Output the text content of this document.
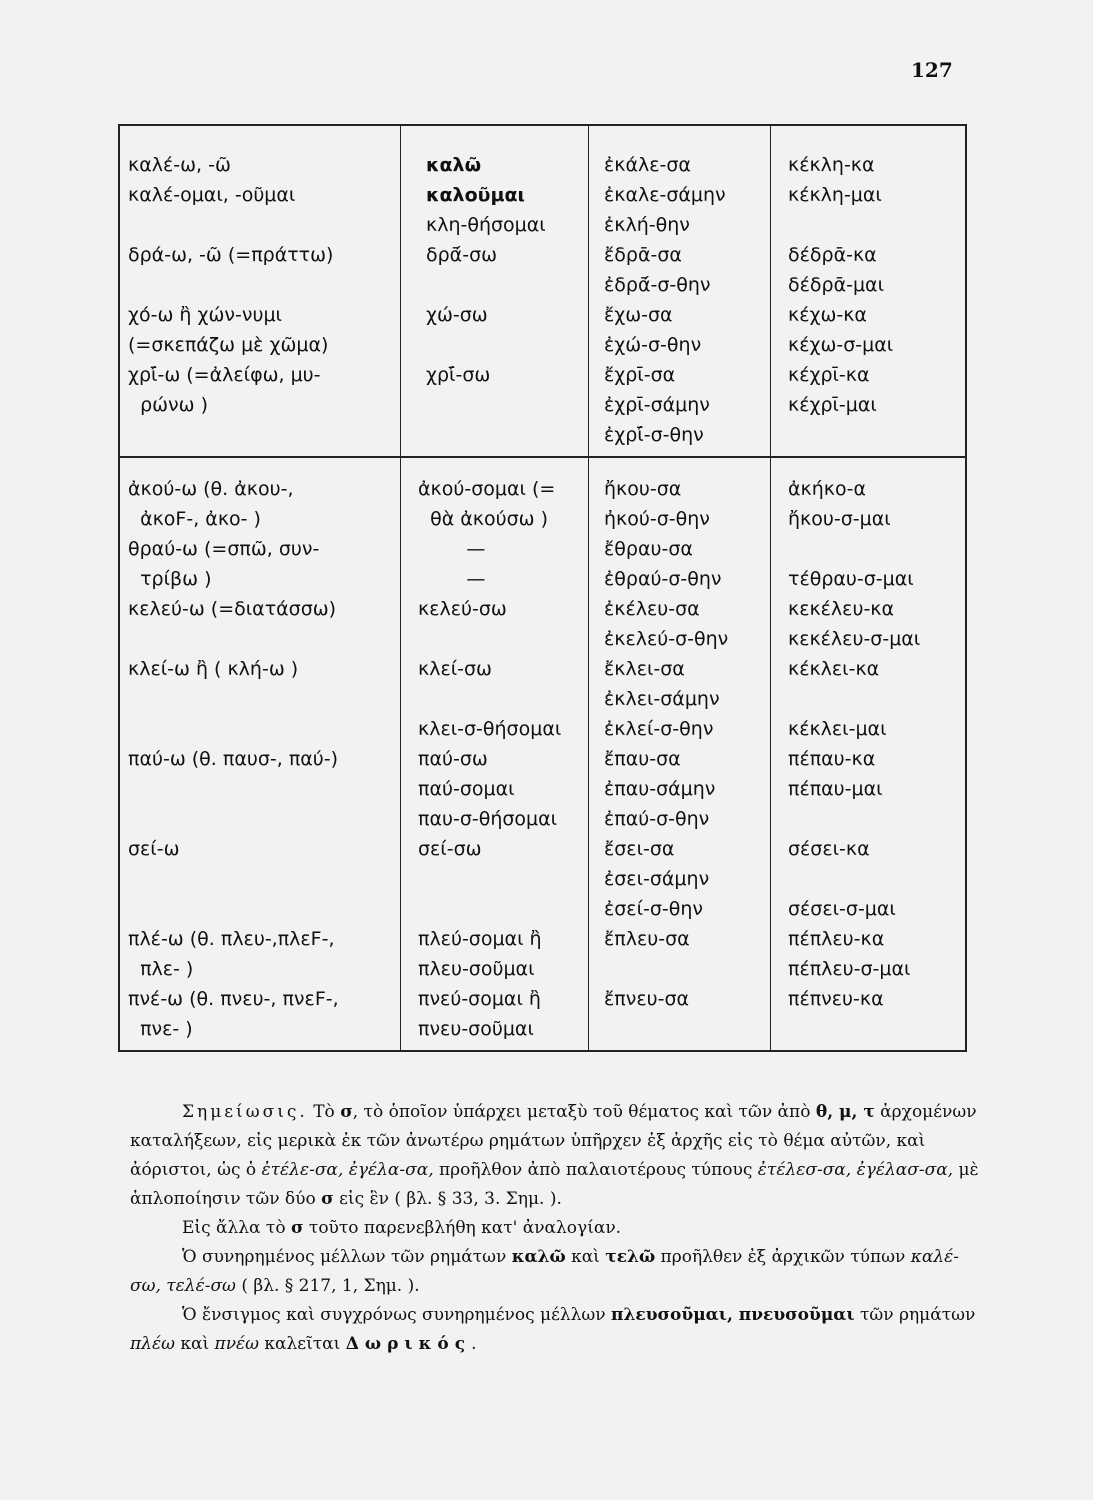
127
καλέ-ω, -ῶ
καλέ-ομαι, -οῦμαι

δρά-ω, -ῶ (=πράττω)

χό-ω ἢ χών-νυμι
(=σκεπάζω μὲ χῶμα)
χρῑ́-ω (=ἀλείφω, μυ-
ρώνω )
καλῶ
καλοῦμαι
κλη-θήσομαι
δρᾱ́-σω

χώ-σω

χρῑ́-σω
ἐκάλε-σα
ἐκαλε-σάμην
ἐκλή-θην
ἔδρᾱ-σα
ἐδρᾱ́-σ-θην
ἔχω-σα
ἐχώ-σ-θην
ἔχρῑ-σα
ἐχρῑ-σάμην
ἐχρῑ́-σ-θην
κέκλη-κα
κέκλη-μαι

δέδρᾱ-κα
δέδρᾱ-μαι
κέχω-κα
κέχω-σ-μαι
κέχρῑ-κα
κέχρῑ-μαι
ἀκού-ω (θ. ἀκου-,
ἀκοF-, ἀκο- )
θραύ-ω (=σπῶ, συν-
τρίβω )
κελεύ-ω (=διατάσσω)

κλεί-ω ἢ ( κλή-ω )

παύ-ω (θ. παυσ-, παύ-)

σεί-ω

πλέ-ω (θ. πλευ-,πλεF-,
πλε- )
πνέ-ω (θ. πνευ-, πνεF-,
πνε- )
ἀκού-σομαι (=
θὰ ἀκούσω )
—
—
κελεύ-σω

κλεί-σω

κλει-σ-θήσομαι
παύ-σω
παύ-σομαι
παυ-σ-θήσομαι
σεί-σω

πλεύ-σομαι ἢ
πλευ-σοῦμαι
πνεύ-σομαι ἢ
πνευ-σοῦμαι
ἤκου-σα
ἠκού-σ-θην
ἔθραυ-σα
ἐθραύ-σ-θην
ἐκέλευ-σα
ἐκελεύ-σ-θην
ἔκλει-σα
ἐκλει-σάμην
ἐκλεί-σ-θην
ἔπαυ-σα
ἐπαυ-σάμην
ἐπαύ-σ-θην
ἔσει-σα
ἐσει-σάμην
ἐσεί-σ-θην
ἔπλευ-σα

ἔπνευ-σα
ἀκήκο-α
ἤκου-σ-μαι

τέθραυ-σ-μαι
κεκέλευ-κα
κεκέλευ-σ-μαι
κέκλει-κα

κέκλει-μαι
πέπαυ-κα
πέπαυ-μαι

σέσει-κα

σέσει-σ-μαι
πέπλευ-κα
πέπλευ-σ-μαι
πέπνευ-κα

Σημείωσις. Τὸ σ, τὸ ὁποῖον ὑπάρχει μεταξὺ τοῦ θέματος καὶ τῶν ἀπὸ θ, μ, τ ἀρχομένων καταλήξεων, εἰς μερικὰ ἐκ τῶν ἀνωτέρω ρημάτων ὑπῆρχεν ἐξ ἀρχῆς εἰς τὸ θέμα αὐτῶν, καὶ ἀόριστοι, ὡς ὁ ἐτέλε-σα, ἐγέλα-σα, προῆλθον ἀπὸ παλαιοτέρους τύπους ἐτέλεσ-σα, ἐγέλασ-σα, μὲ ἁπλοποίησιν τῶν δύο σ εἰς ἓν ( βλ. § 33, 3. Σημ. ).

Εἰς ἄλλα τὸ σ τοῦτο παρενεβλήθη κατ' ἀναλογίαν.

Ὁ συνηρημένος μέλλων τῶν ρημάτων καλῶ καὶ τελῶ προῆλθεν ἐξ ἀρχικῶν τύπων καλέ-σω, τελέ-σω ( βλ. § 217, 1, Σημ. ).

Ὁ ἔνσιγμος καὶ συγχρόνως συνηρημένος μέλλων πλευσοῦμαι, πνευσοῦμαι τῶν ρημάτων πλέω καὶ πνέω καλεῖται Δωρικός.
